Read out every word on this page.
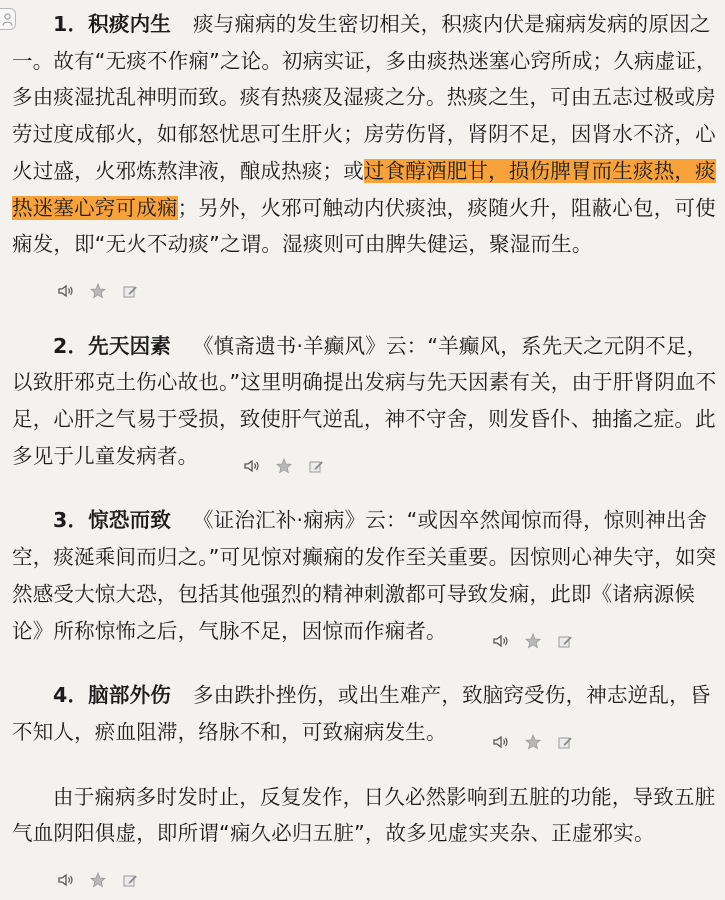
1．积痰内生 痰与痫病的发生密切相关，积痰内伏是痫病发病的原因之一。故有“无痰不作痫”之论。初病实证，多由痰热迷塞心窍所成；久病虚证，多由痰湿扰乱神明而致。痰有热痰及湿痰之分。热痰之生，可由五志过极或房劳过度成郁火，如郁怒忧思可生肝火；房劳伤肾，肾阴不足，因肾水不济，心火过盛，火邪炼熬津液，酿成热痰；或过食醇酒肥甘，损伤脾胃而生痰热，痰热迷塞心窍可成痫；另外，火邪可触动内伏痰浊，痰随火升，阻蔽心包，可使痫发，即“无火不动痰”之谓。湿痰则可由脾失健运，聚湿而生。

2．先天因素 《慎斋遗书·羊癫风》云：“羊癫风，系先天之元阴不足，以致肝邪克土伤心故也。”这里明确提出发病与先天因素有关，由于肝肾阴血不足，心肝之气易于受损，致使肝气逆乱，神不守舍，则发昏仆、抽搐之症。此多见于儿童发病者。

3．惊恐而致 《证治汇补·痫病》云：“或因卒然闻惊而得，惊则神出舍空，痰涎乘间而归之。”可见惊对癫痫的发作至关重要。因惊则心神失守，如突然感受大惊大恐，包括其他强烈的精神刺激都可导致发痫，此即《诸病源候论》所称惊怖之后，气脉不足，因惊而作痫者。

4．脑部外伤 多由跌扑挫伤，或出生难产，致脑窍受伤，神志逆乱，昏不知人，瘀血阻滞，络脉不和，可致痫病发生。

由于痫病多时发时止，反复发作，日久必然影响到五脏的功能，导致五脏气血阴阳俱虚，即所谓“痫久必归五脏”，故多见虚实夹杂、正虚邪实。
